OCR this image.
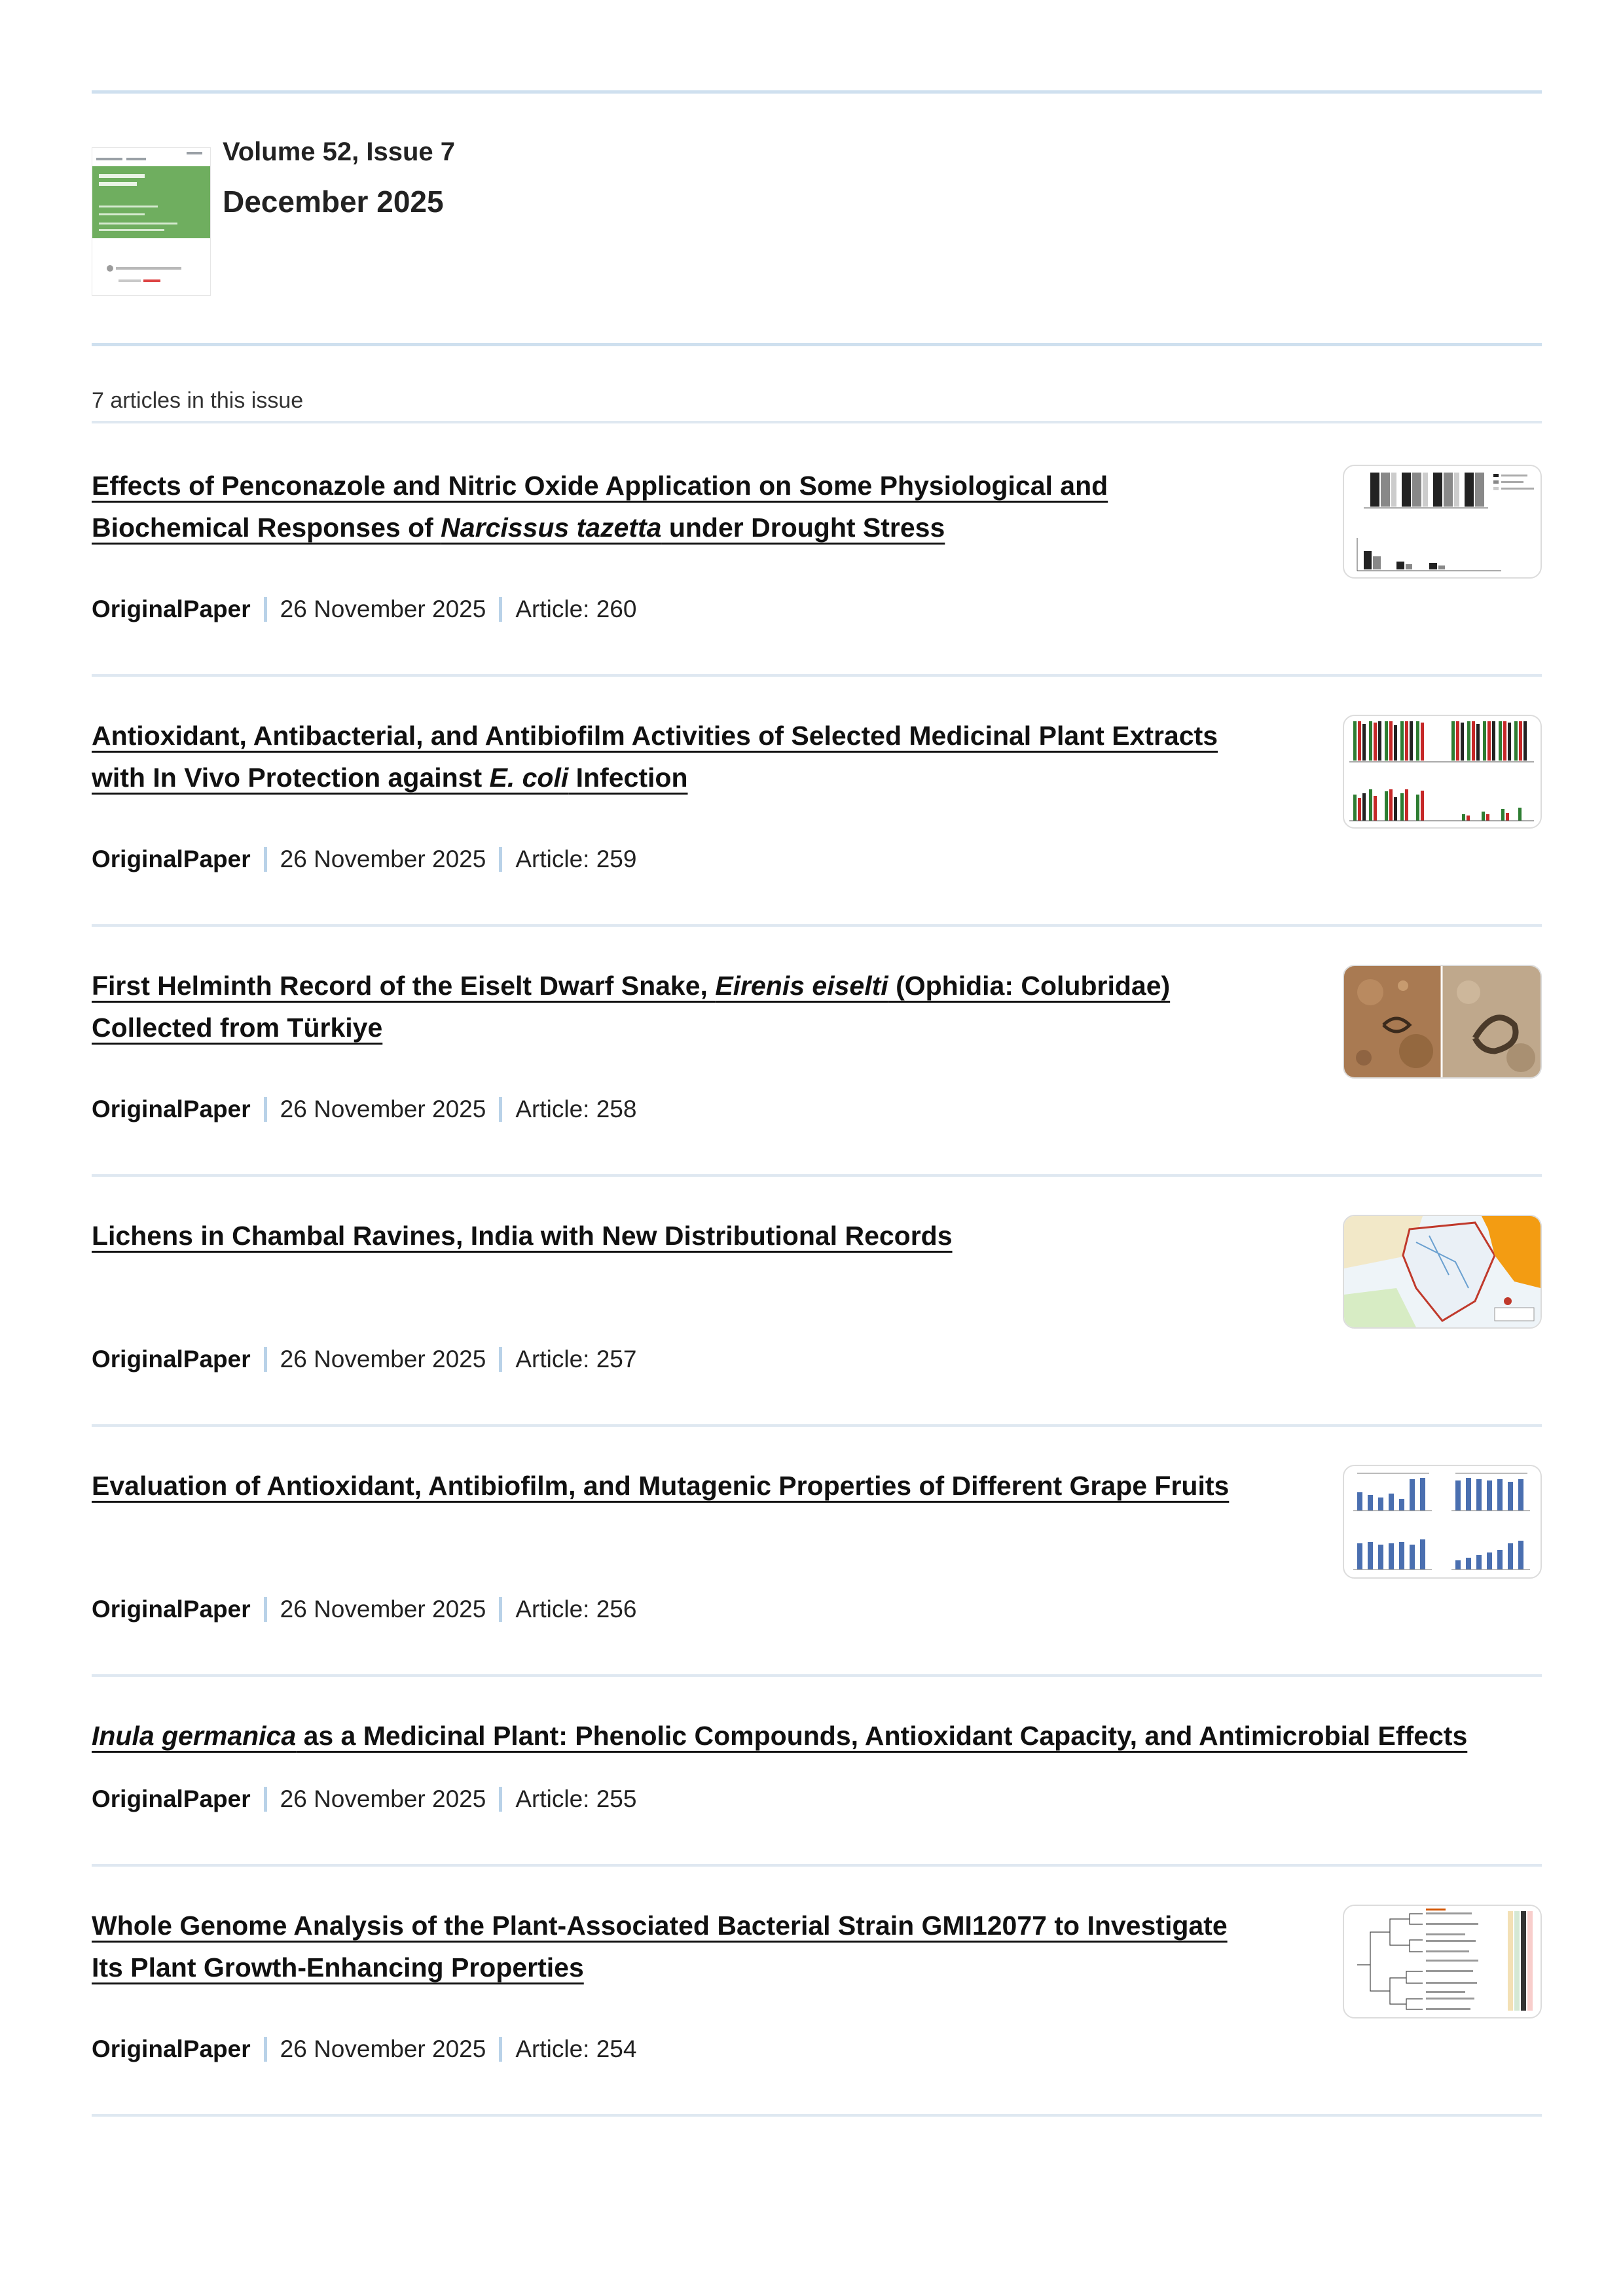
Volume 52, Issue 7
December 2025
7 articles in this issue
Effects of Penconazole and Nitric Oxide Application on Some Physiological and
Biochemical Responses of Narcissus tazetta under Drought Stress
OriginalPaper 26 November 2025 Article: 260
Antioxidant, Antibacterial, and Antibiofilm Activities of Selected Medicinal Plant Extracts
with In Vivo Protection against E. coli Infection
OriginalPaper 26 November 2025 Article: 259
First Helminth Record of the Eiselt Dwarf Snake, Eirenis eiselti (Ophidia: Colubridae)
Collected from Türkiye
OriginalPaper 26 November 2025 Article: 258
Lichens in Chambal Ravines, India with New Distributional Records
OriginalPaper 26 November 2025 Article: 257
Evaluation of Antioxidant, Antibiofilm, and Mutagenic Properties of Different Grape Fruits
OriginalPaper 26 November 2025 Article: 256
Inula germanica as a Medicinal Plant: Phenolic Compounds, Antioxidant Capacity, and Antimicrobial Effects
OriginalPaper 26 November 2025 Article: 255
Whole Genome Analysis of the Plant-Associated Bacterial Strain GMI12077 to Investigate
Its Plant Growth-Enhancing Properties
OriginalPaper 26 November 2025 Article: 254
